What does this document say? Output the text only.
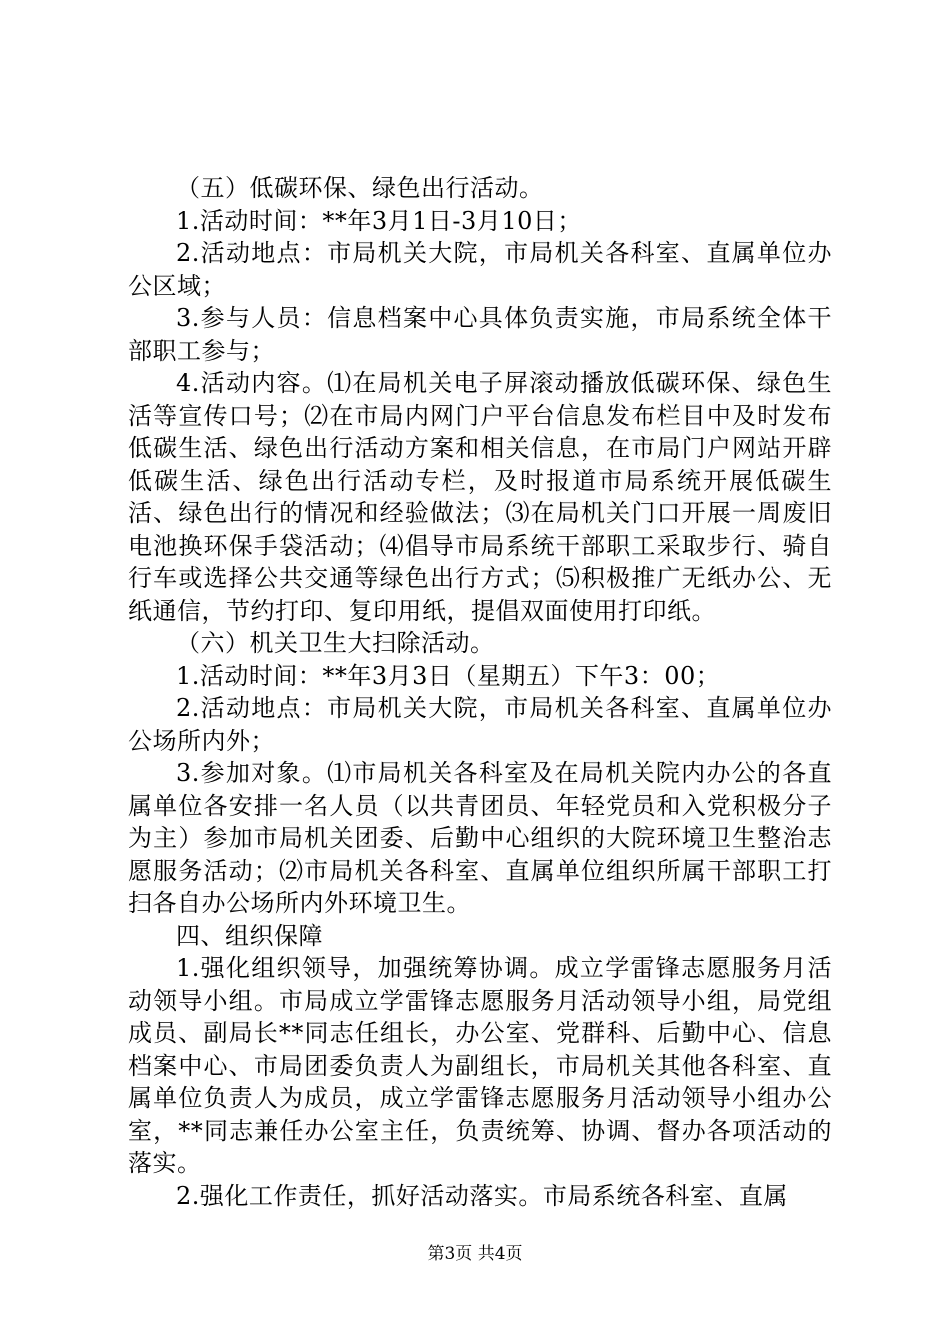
（五）低碳环保、绿色出行活动。

1.活动时间：**年3月1日-3月10日；

2.活动地点：市局机关大院，市局机关各科室、直属单位办公区域；

3.参与人员：信息档案中心具体负责实施，市局系统全体干部职工参与；

4.活动内容。⑴在局机关电子屏滚动播放低碳环保、绿色生活等宣传口号；⑵在市局内网门户平台信息发布栏目中及时发布低碳生活、绿色出行活动方案和相关信息，在市局门户网站开辟低碳生活、绿色出行活动专栏，及时报道市局系统开展低碳生活、绿色出行的情况和经验做法；⑶在局机关门口开展一周废旧电池换环保手袋活动；⑷倡导市局系统干部职工采取步行、骑自行车或选择公共交通等绿色出行方式；⑸积极推广无纸办公、无纸通信，节约打印、复印用纸，提倡双面使用打印纸。

（六）机关卫生大扫除活动。

1.活动时间：**年3月3日（星期五）下午3：00；

2.活动地点：市局机关大院，市局机关各科室、直属单位办公场所内外；

3.参加对象。⑴市局机关各科室及在局机关院内办公的各直属单位各安排一名人员（以共青团员、年轻党员和入党积极分子为主）参加市局机关团委、后勤中心组织的大院环境卫生整治志愿服务活动；⑵市局机关各科室、直属单位组织所属干部职工打扫各自办公场所内外环境卫生。

四、组织保障

1.强化组织领导，加强统筹协调。成立学雷锋志愿服务月活动领导小组。市局成立学雷锋志愿服务月活动领导小组，局党组成员、副局长**同志任组长，办公室、党群科、后勤中心、信息档案中心、市局团委负责人为副组长，市局机关其他各科室、直属单位负责人为成员，成立学雷锋志愿服务月活动领导小组办公室，**同志兼任办公室主任，负责统筹、协调、督办各项活动的落实。

2.强化工作责任，抓好活动落实。市局系统各科室、直属

第3页 共4页
